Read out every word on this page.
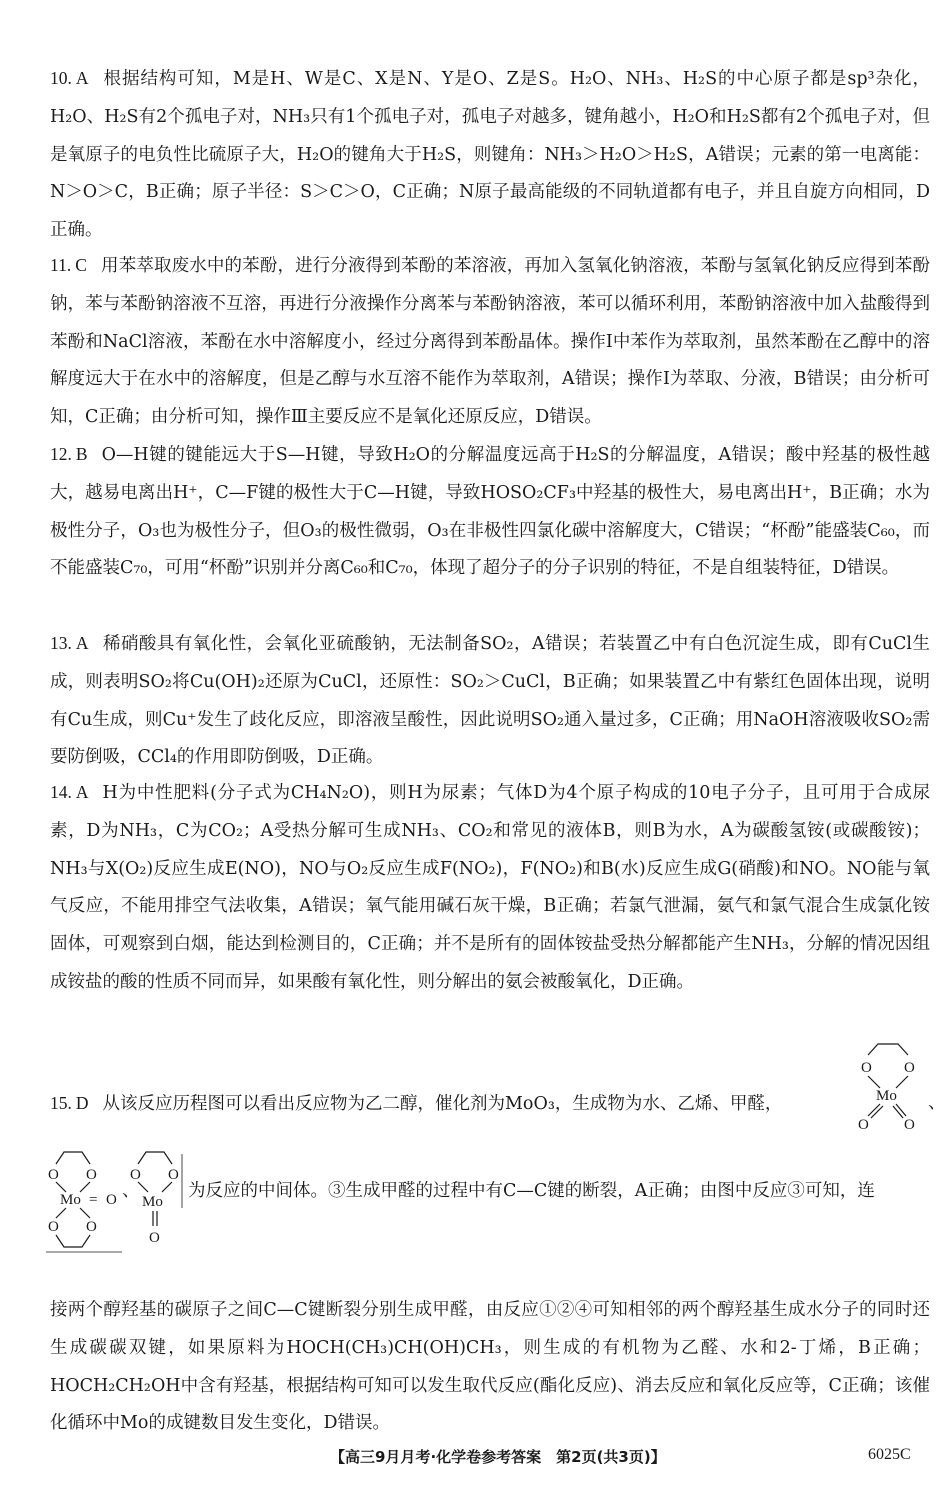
10. A 根据结构可知，M是H、W是C、X是N、Y是O、Z是S。H₂O、NH₃、H₂S的中心原子都是sp³杂化，H₂O、H₂S有2个孤电子对，NH₃只有1个孤电子对，孤电子对越多，键角越小，H₂O和H₂S都有2个孤电子对，但是氧原子的电负性比硫原子大，H₂O的键角大于H₂S，则键角：NH₃＞H₂O＞H₂S，A错误；元素的第一电离能：N＞O＞C，B正确；原子半径：S＞C＞O，C正确；N原子最高能级的不同轨道都有电子，并且自旋方向相同，D正确。
11. C 用苯萃取废水中的苯酚，进行分液得到苯酚的苯溶液，再加入氢氧化钠溶液，苯酚与氢氧化钠反应得到苯酚钠，苯与苯酚钠溶液不互溶，再进行分液操作分离苯与苯酚钠溶液，苯可以循环利用，苯酚钠溶液中加入盐酸得到苯酚和NaCl溶液，苯酚在水中溶解度小，经过分离得到苯酚晶体。操作Ⅰ中苯作为萃取剂，虽然苯酚在乙醇中的溶解度远大于在水中的溶解度，但是乙醇与水互溶不能作为萃取剂，A错误；操作Ⅰ为萃取、分液，B错误；由分析可知，C正确；由分析可知，操作Ⅲ主要反应不是氧化还原反应，D错误。
12. B O—H键的键能远大于S—H键，导致H₂O的分解温度远高于H₂S的分解温度，A错误；酸中羟基的极性越大，越易电离出H⁺，C—F键的极性大于C—H键，导致HOSO₂CF₃中羟基的极性大，易电离出H⁺，B正确；水为极性分子，O₃也为极性分子，但O₃的极性微弱，O₃在非极性四氯化碳中溶解度大，C错误；“杯酚”能盛装C₆₀，而不能盛装C₇₀，可用“杯酚”识别并分离C₆₀和C₇₀，体现了超分子的分子识别的特征，不是自组装特征，D错误。
13. A 稀硝酸具有氧化性，会氧化亚硫酸钠，无法制备SO₂，A错误；若装置乙中有白色沉淀生成，即有CuCl生成，则表明SO₂将Cu(OH)₂还原为CuCl，还原性：SO₂＞CuCl，B正确；如果装置乙中有紫红色固体出现，说明有Cu生成，则Cu⁺发生了歧化反应，即溶液呈酸性，因此说明SO₂通入量过多，C正确；用NaOH溶液吸收SO₂需要防倒吸，CCl₄的作用即防倒吸，D正确。
14. A H为中性肥料(分子式为CH₄N₂O)，则H为尿素；气体D为4个原子构成的10电子分子，且可用于合成尿素，D为NH₃，C为CO₂；A受热分解可生成NH₃、CO₂和常见的液体B，则B为水，A为碳酸氢铵(或碳酸铵)；NH₃与X(O₂)反应生成E(NO)，NO与O₂反应生成F(NO₂)，F(NO₂)和B(水)反应生成G(硝酸)和NO。NO能与氧气反应，不能用排空气法收集，A错误；氧气能用碱石灰干燥，B正确；若氯气泄漏，氨气和氯气混合生成氯化铵固体，可观察到白烟，能达到检测目的，C正确；并不是所有的固体铵盐受热分解都能产生NH₃，分解的情况因组成铵盐的酸的性质不同而异，如果酸有氧化性，则分解出的氨会被酸氧化，D正确。
15. D 从该反应历程图可以看出反应物为乙二醇，催化剂为MoO₃，生成物为水、乙烯、甲醛，
O O
Mo
O O
、
O O
Mo = O
O O
、
O O
Mo
O
为反应的中间体。③生成甲醛的过程中有C—C键的断裂，A正确；由图中反应③可知，连
接两个醇羟基的碳原子之间C—C键断裂分别生成甲醛，由反应①②④可知相邻的两个醇羟基生成水分子的同时还生成碳碳双键，如果原料为HOCH(CH₃)CH(OH)CH₃，则生成的有机物为乙醛、水和2-丁烯，B正确；HOCH₂CH₂OH中含有羟基，根据结构可知可以发生取代反应(酯化反应)、消去反应和氧化反应等，C正确；该催化循环中Mo的成键数目发生变化，D错误。
【高三9月月考·化学卷参考答案　第2页(共3页)】	6025C
